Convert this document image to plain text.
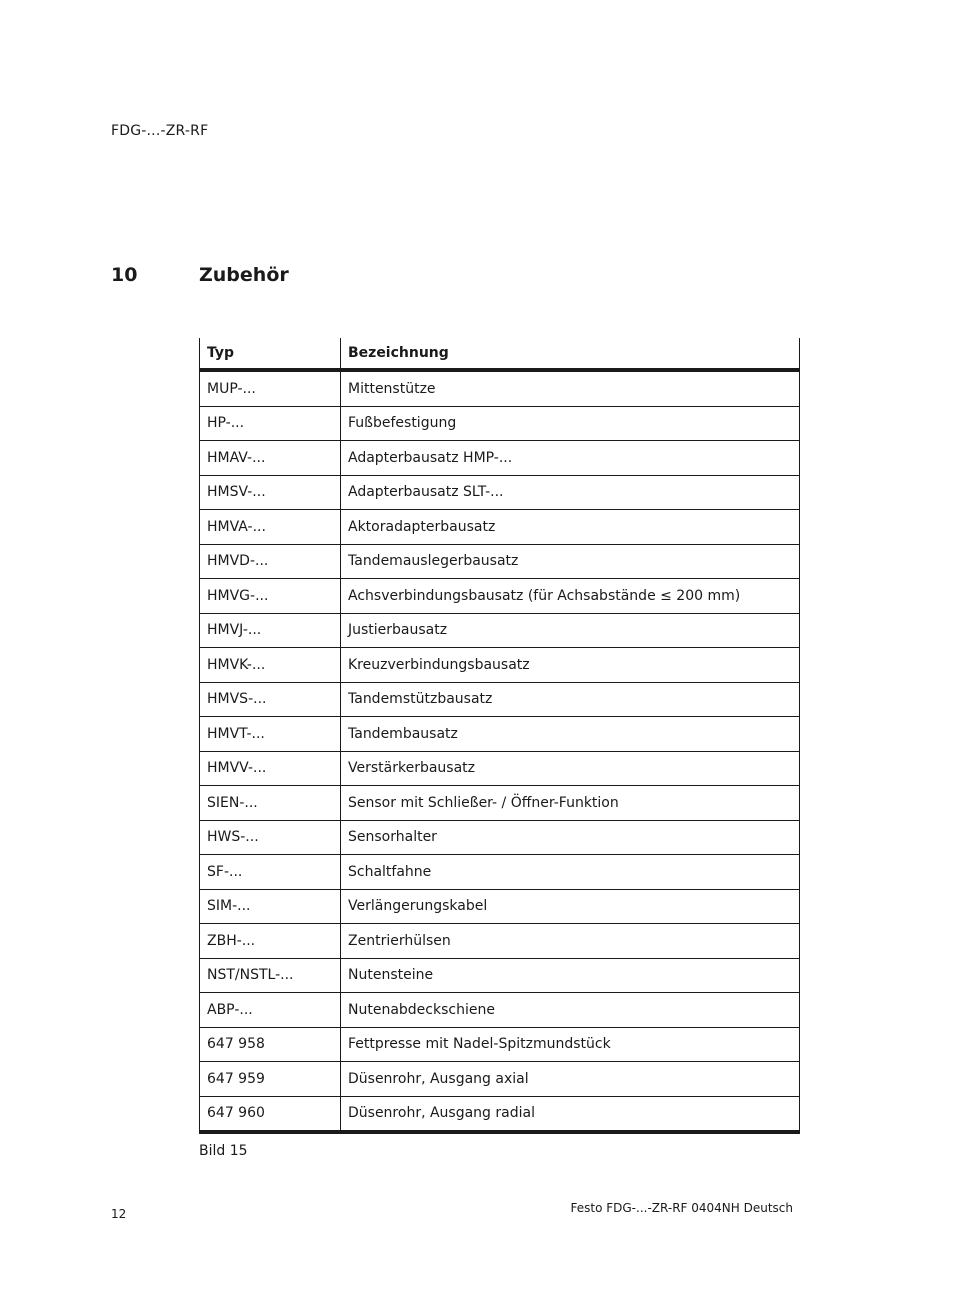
FDG-...-ZR-RF
10	Zubehör
Typ	Bezeichnung
MUP-...	Mittenstütze
HP-...	Fußbefestigung
HMAV-...	Adapterbausatz HMP-...
HMSV-...	Adapterbausatz SLT-...
HMVA-...	Aktoradapterbausatz
HMVD-...	Tandemauslegerbausatz
HMVG-...	Achsverbindungsbausatz (für Achsabstände ≤ 200 mm)
HMVJ-...	Justierbausatz
HMVK-...	Kreuzverbindungsbausatz
HMVS-...	Tandemstützbausatz
HMVT-...	Tandembausatz
HMVV-...	Verstärkerbausatz
SIEN-...	Sensor mit Schließer- / Öffner-Funktion
HWS-...	Sensorhalter
SF-...	Schaltfahne
SIM-...	Verlängerungskabel
ZBH-...	Zentrierhülsen
NST/NSTL-...	Nutensteine
ABP-...	Nutenabdeckschiene
647 958	Fettpresse mit Nadel-Spitzmundstück
647 959	Düsenrohr, Ausgang axial
647 960	Düsenrohr, Ausgang radial
Bild 15
12	Festo FDG-...-ZR-RF 0404NH Deutsch
